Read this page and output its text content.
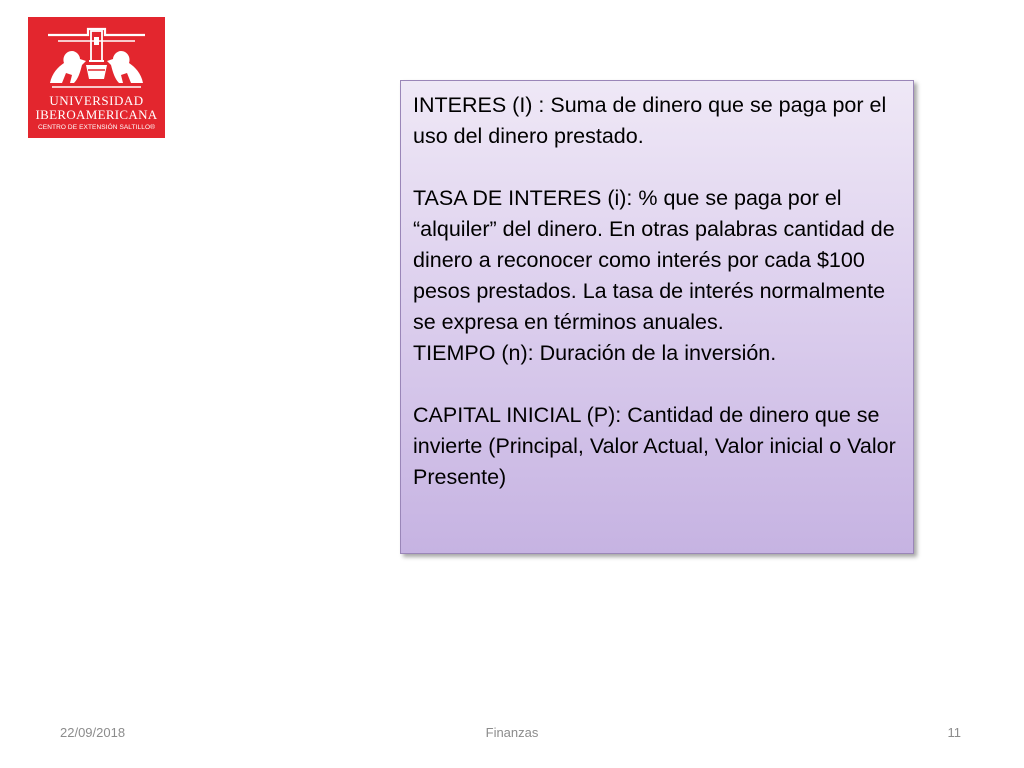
UNIVERSIDAD
IBEROAMERICANA
CENTRO DE EXTENSIÓN SALTILLO®

INTERES (I) : Suma de dinero que se paga por el uso del dinero prestado.

TASA DE INTERES (i): % que se paga por el “alquiler” del dinero. En otras palabras cantidad de dinero a reconocer como interés por cada $100 pesos prestados. La tasa de interés normalmente se expresa en términos anuales.

TIEMPO (n): Duración de la inversión.

CAPITAL INICIAL (P): Cantidad de dinero que se invierte (Principal, Valor Actual, Valor inicial o Valor Presente)

22/09/2018	Finanzas	11
